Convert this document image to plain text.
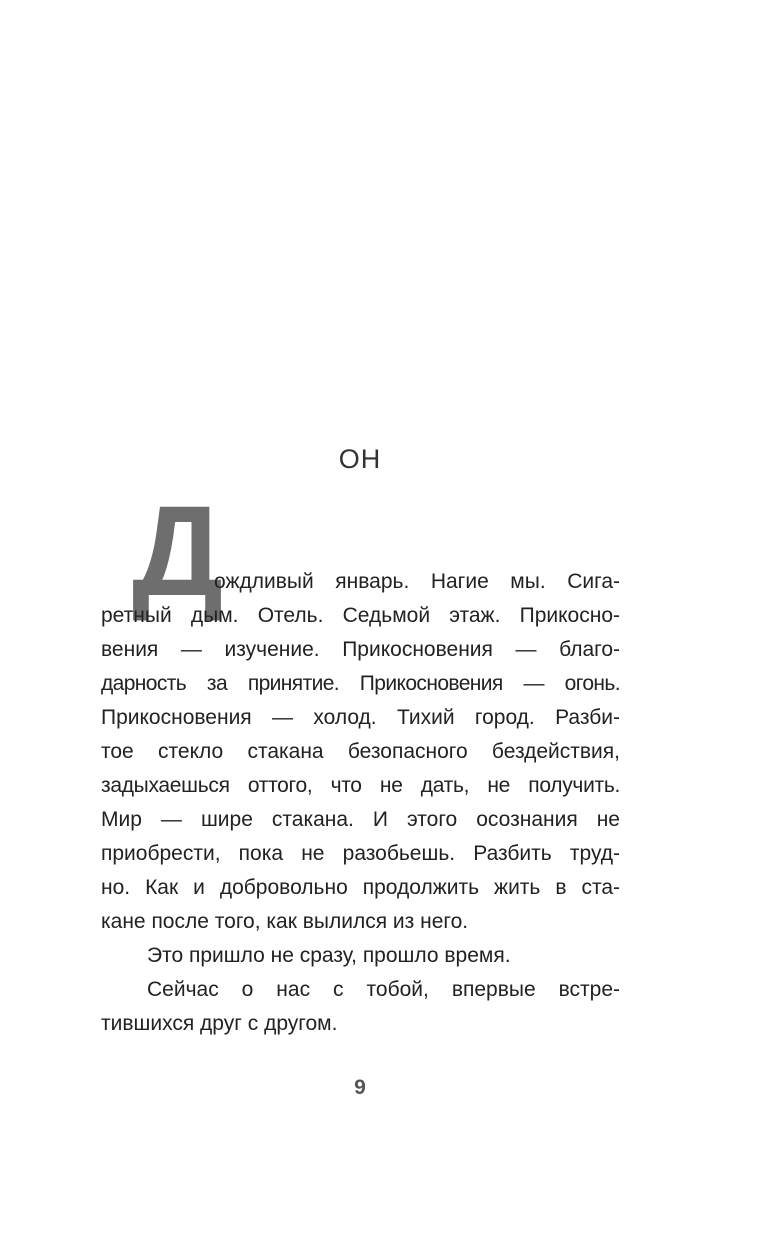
ОН
Д
ождливый январь. Нагие мы. Сига-
ретный дым. Отель. Седьмой этаж. Прикосно-
вения — изучение. Прикосновения — благо-
дарность за принятие. Прикосновения — огонь.
Прикосновения — холод. Тихий город. Разби-
тое стекло стакана безопасного бездействия,
задыхаешься оттого, что не дать, не получить.
Мир — шире стакана. И этого осознания не
приобрести, пока не разобьешь. Разбить труд-
но. Как и добровольно продолжить жить в ста-
кане после того, как вылился из него.
Это пришло не сразу, прошло время.
Сейчас о нас с тобой, впервые встре-
тившихся друг с другом.
9
